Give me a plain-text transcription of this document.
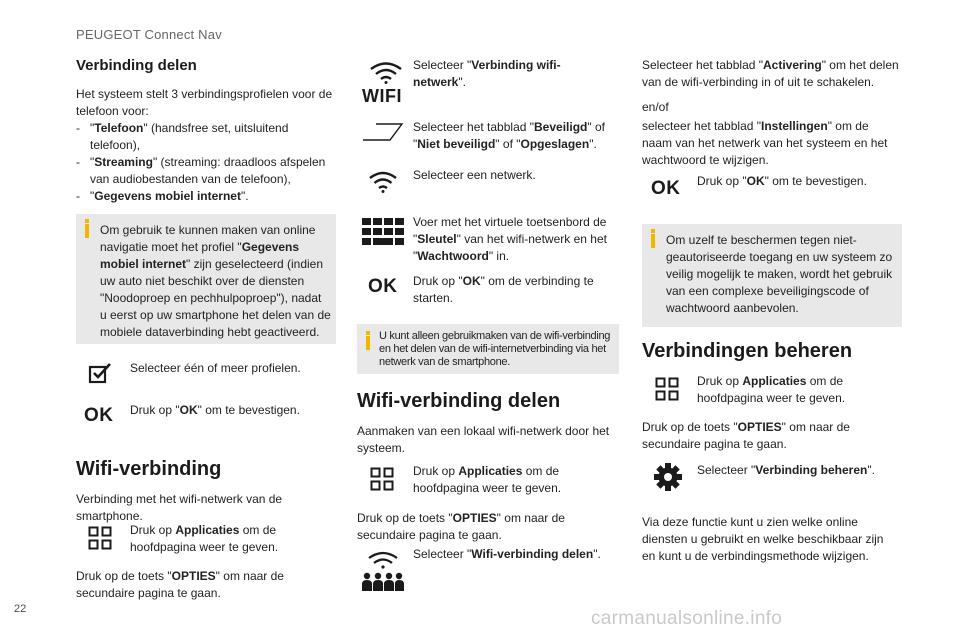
PEUGEOT Connect Nav
22	carmanualsonline.info
Verbinding delen
Het systeem stelt 3 verbindingsprofielen voor de
telefoon voor:
- "Telefoon" (handsfree set, uitsluitend
telefoon),
- "Streaming" (streaming: draadloos afspelen
van audiobestanden van de telefoon),
- "Gegevens mobiel internet".
Om gebruik te kunnen maken van online
navigatie moet het profiel "Gegevens
mobiel internet" zijn geselecteerd (indien
uw auto niet beschikt over de diensten
"Noodoproep en pechhulpoproep"), nadat
u eerst op uw smartphone het delen van de
mobiele dataverbinding hebt geactiveerd.
Selecteer één of meer profielen.
OK Druk op "OK" om te bevestigen.
Wifi-verbinding
Verbinding met het wifi-netwerk van de
smartphone.
Druk op Applicaties om de
hoofdpagina weer te geven.
Druk op de toets "OPTIES" om naar de
secundaire pagina te gaan.
WIFI
Selecteer "Verbinding wifi-
netwerk".
Selecteer het tabblad "Beveiligd" of
"Niet beveiligd" of "Opgeslagen".
Selecteer een netwerk.
Voer met het virtuele toetsenbord de
"Sleutel" van het wifi-netwerk en het
"Wachtwoord" in.
OK Druk op "OK" om de verbinding te
starten.
U kunt alleen gebruikmaken van de wifi-verbinding
en het delen van de wifi-internetverbinding via het
netwerk van de smartphone.
Wifi-verbinding delen
Aanmaken van een lokaal wifi-netwerk door het
systeem.
Druk op Applicaties om de
hoofdpagina weer te geven.
Druk op de toets "OPTIES" om naar de
secundaire pagina te gaan.
Selecteer "Wifi-verbinding delen".
Selecteer het tabblad "Activering" om het delen
van de wifi-verbinding in of uit te schakelen.
en/of
selecteer het tabblad "Instellingen" om de
naam van het netwerk van het systeem en het
wachtwoord te wijzigen.
OK Druk op "OK" om te bevestigen.
Om uzelf te beschermen tegen niet-
geautoriseerde toegang en uw systeem zo
veilig mogelijk te maken, wordt het gebruik
van een complexe beveiligingscode of
wachtwoord aanbevolen.
Verbindingen beheren
Druk op Applicaties om de
hoofdpagina weer te geven.
Druk op de toets "OPTIES" om naar de
secundaire pagina te gaan.
Selecteer "Verbinding beheren".
Via deze functie kunt u zien welke online
diensten u gebruikt en welke beschikbaar zijn
en kunt u de verbindingsmethode wijzigen.
